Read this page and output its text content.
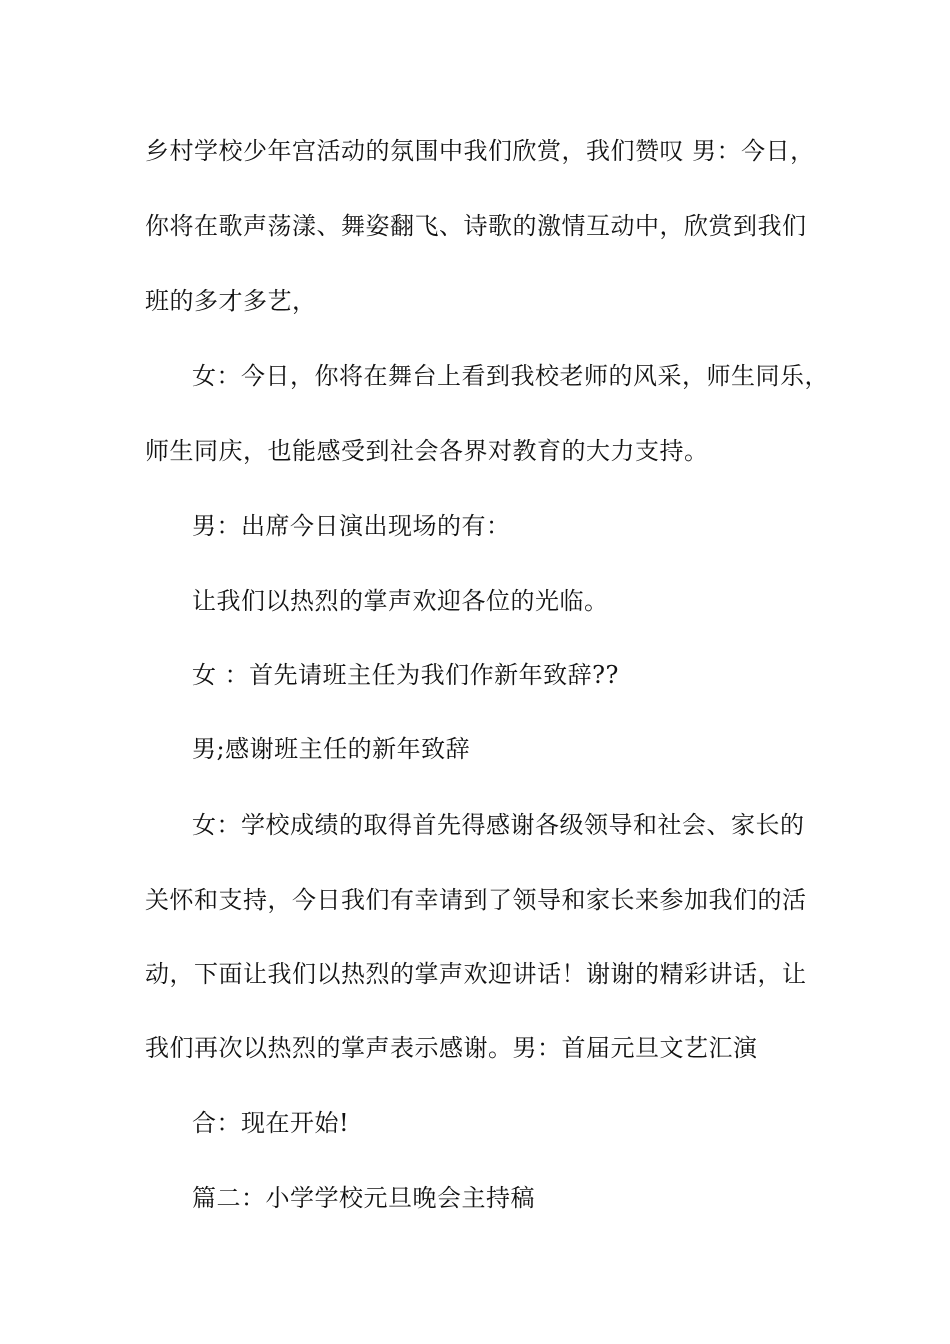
乡村学校少年宫活动的氛围中我们欣赏，我们赞叹 男：今日，
你将在歌声荡漾、舞姿翻飞、诗歌的激情互动中，欣赏到我们
班的多才多艺，
女：今日，你将在舞台上看到我校老师的风采，师生同乐，
师生同庆，也能感受到社会各界对教育的大力支持。
男：出席今日演出现场的有：
让我们以热烈的掌声欢迎各位的光临。
女 ：首先请班主任为我们作新年致辞??
男;感谢班主任的新年致辞
女：学校成绩的取得首先得感谢各级领导和社会、家长的
关怀和支持，今日我们有幸请到了领导和家长来参加我们的活
动，下面让我们以热烈的掌声欢迎讲话！谢谢的精彩讲话，让
我们再次以热烈的掌声表示感谢。男：首届元旦文艺汇演
合：现在开始!
篇二：小学学校元旦晚会主持稿
